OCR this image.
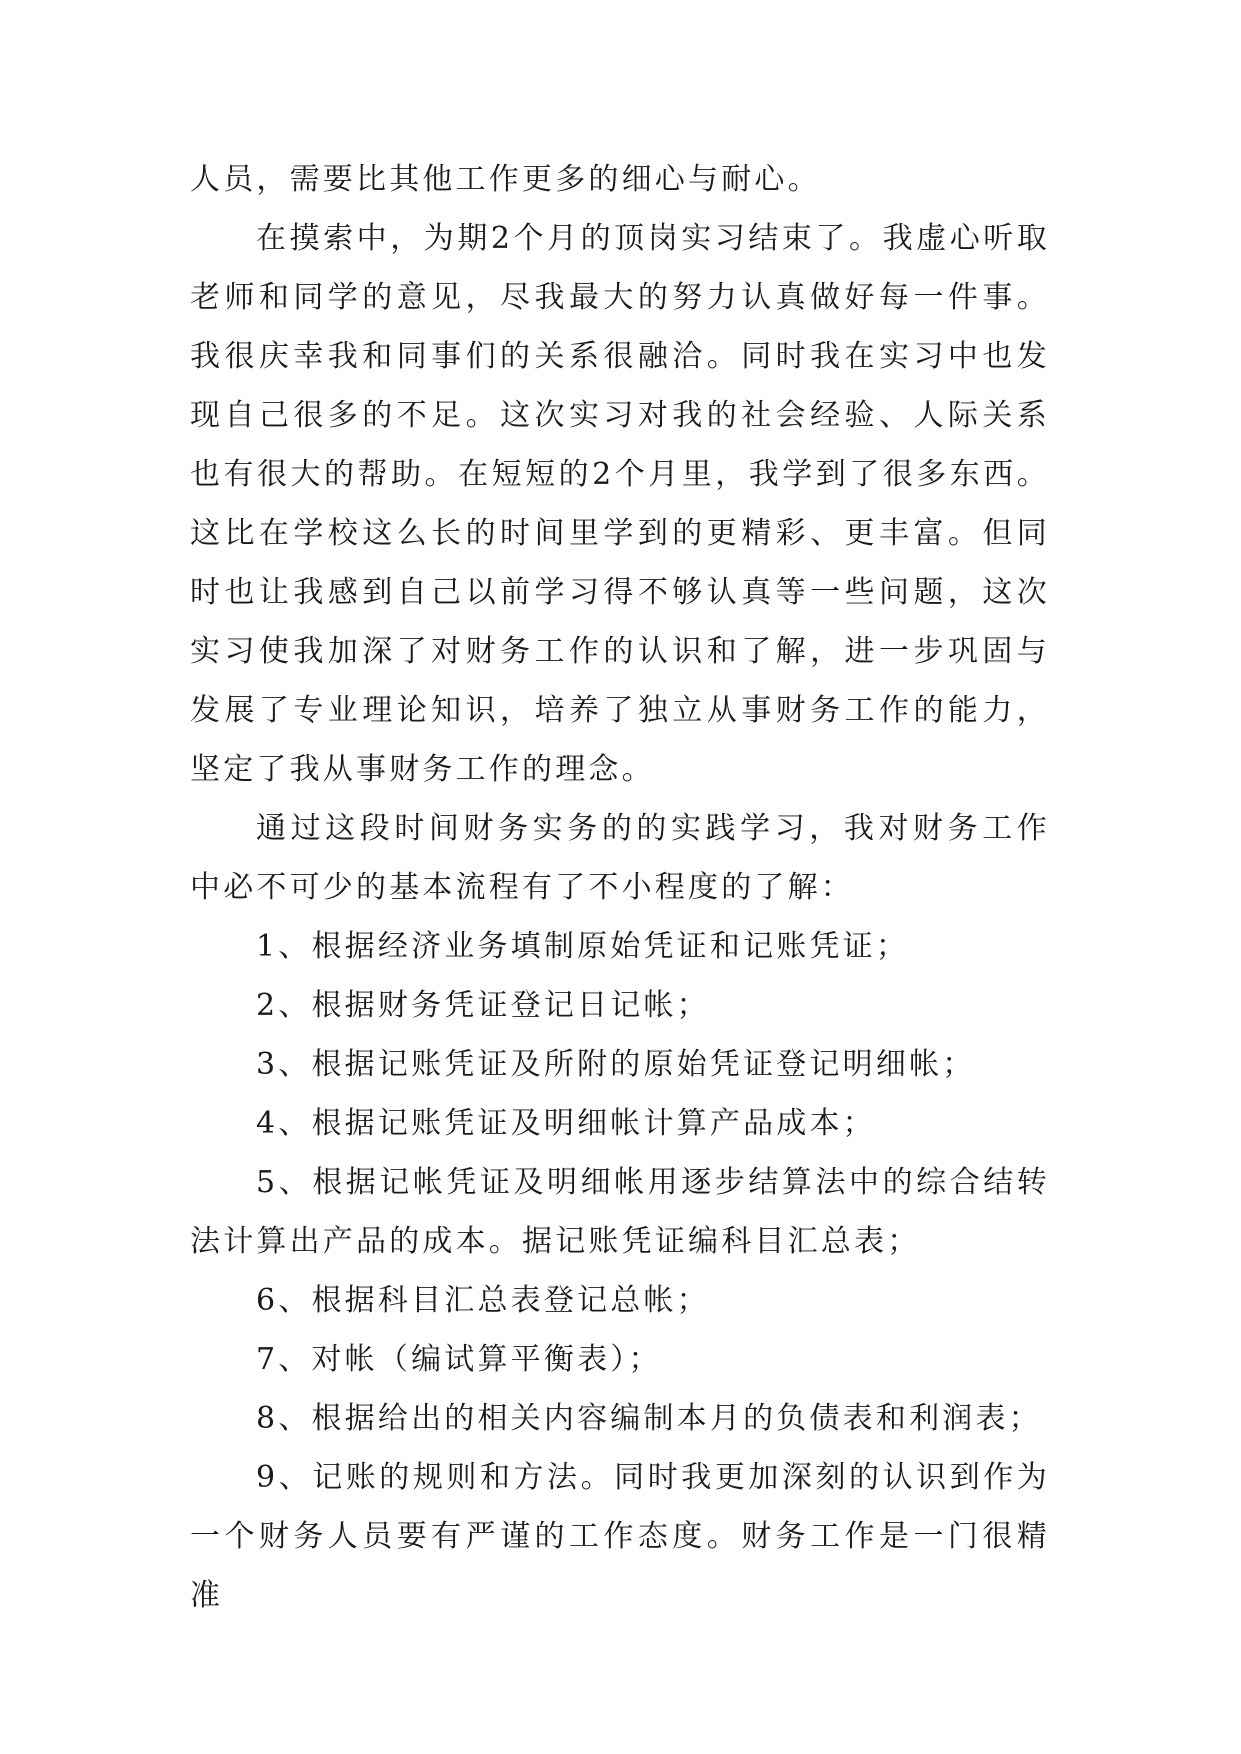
人员，需要比其他工作更多的细心与耐心。

在摸索中，为期2个月的顶岗实习结束了。我虚心听取老师和同学的意见，尽我最大的努力认真做好每一件事。我很庆幸我和同事们的关系很融洽。同时我在实习中也发现自己很多的不足。这次实习对我的社会经验、人际关系也有很大的帮助。在短短的2个月里，我学到了很多东西。这比在学校这么长的时间里学到的更精彩、更丰富。但同时也让我感到自己以前学习得不够认真等一些问题，这次实习使我加深了对财务工作的认识和了解，进一步巩固与发展了专业理论知识，培养了独立从事财务工作的能力，坚定了我从事财务工作的理念。

通过这段时间财务实务的的实践学习，我对财务工作中必不可少的基本流程有了不小程度的了解：

1、根据经济业务填制原始凭证和记账凭证；

2、根据财务凭证登记日记帐；

3、根据记账凭证及所附的原始凭证登记明细帐；

4、根据记账凭证及明细帐计算产品成本；

5、根据记帐凭证及明细帐用逐步结算法中的综合结转法计算出产品的成本。据记账凭证编科目汇总表；

6、根据科目汇总表登记总帐；

7、对帐（编试算平衡表）；

8、根据给出的相关内容编制本月的负债表和利润表；

9、记账的规则和方法。同时我更加深刻的认识到作为一个财务人员要有严谨的工作态度。财务工作是一门很精准
